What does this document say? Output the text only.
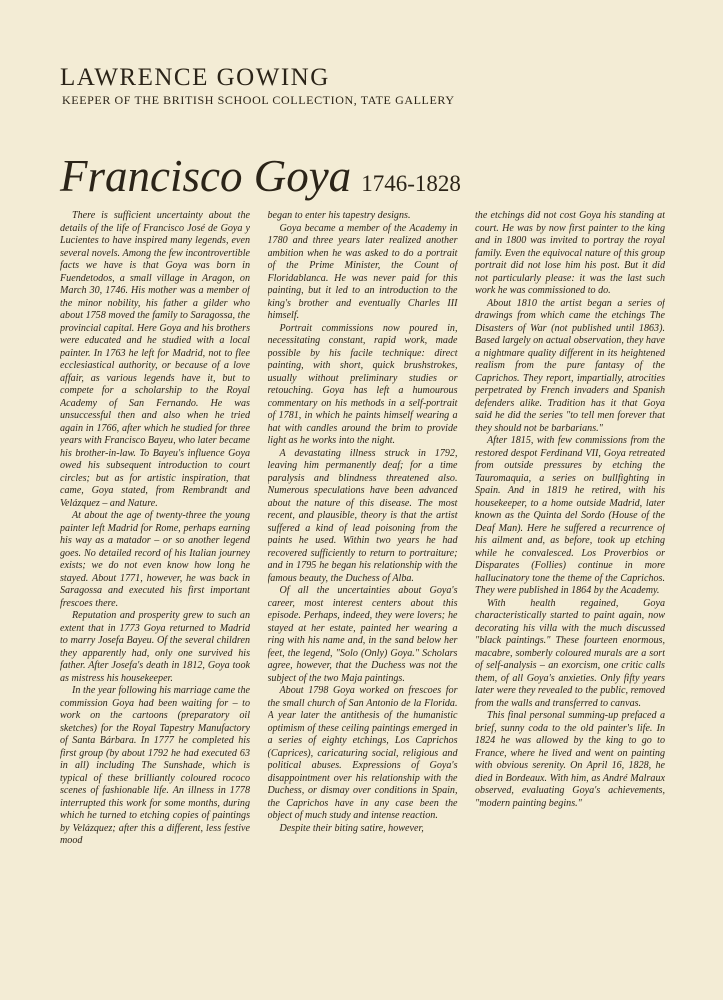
LAWRENCE GOWING
KEEPER OF THE BRITISH SCHOOL COLLECTION, TATE GALLERY
Francisco Goya 1746-1828

There is sufficient uncertainty about the details of the life of Francisco José de Goya y Lucientes to have inspired many legends, even several novels. Among the few incontrovertible facts we have is that Goya was born in Fuendetodos, a small village in Aragon, on March 30, 1746. His mother was a member of the minor nobility, his father a gilder who about 1758 moved the family to Saragossa, the provincial capital. Here Goya and his brothers were educated and he studied with a local painter. In 1763 he left for Madrid, not to flee ecclesiastical authority, or because of a love affair, as various legends have it, but to compete for a scholarship to the Royal Academy of San Fernando. He was unsuccessful then and also when he tried again in 1766, after which he studied for three years with Francisco Bayeu, who later became his brother-in-law. To Bayeu's influence Goya owed his subsequent introduction to court circles; but as for artistic inspiration, that came, Goya stated, from Rembrandt and Velázquez – and Nature.

At about the age of twenty-three the young painter left Madrid for Rome, perhaps earning his way as a matador – or so another legend goes. No detailed record of his Italian journey exists; we do not even know how long he stayed. About 1771, however, he was back in Saragossa and executed his first important frescoes there.

Reputation and prosperity grew to such an extent that in 1773 Goya returned to Madrid to marry Josefa Bayeu. Of the several children they apparently had, only one survived his father. After Josefa's death in 1812, Goya took as mistress his housekeeper.

In the year following his marriage came the commission Goya had been waiting for – to work on the cartoons (preparatory oil sketches) for the Royal Tapestry Manufactory of Santa Bárbara. In 1777 he completed his first group (by about 1792 he had executed 63 in all) including The Sunshade, which is typical of these brilliantly coloured rococo scenes of fashionable life. An illness in 1778 interrupted this work for some months, during which he turned to etching copies of paintings by Velázquez; after this a different, less festive mood

began to enter his tapestry designs.

Goya became a member of the Academy in 1780 and three years later realized another ambition when he was asked to do a portrait of the Prime Minister, the Count of Floridablanca. He was never paid for this painting, but it led to an introduction to the king's brother and eventually Charles III himself.

Portrait commissions now poured in, necessitating constant, rapid work, made possible by his facile technique: direct painting, with short, quick brushstrokes, usually without preliminary studies or retouching. Goya has left a humourous commentary on his methods in a self-portrait of 1781, in which he paints himself wearing a hat with candles around the brim to provide light as he works into the night.

A devastating illness struck in 1792, leaving him permanently deaf; for a time paralysis and blindness threatened also. Numerous speculations have been advanced about the nature of this disease. The most recent, and plausible, theory is that the artist suffered a kind of lead poisoning from the paints he used. Within two years he had recovered sufficiently to return to portraiture; and in 1795 he began his relationship with the famous beauty, the Duchess of Alba.

Of all the uncertainties about Goya's career, most interest centers about this episode. Perhaps, indeed, they were lovers; he stayed at her estate, painted her wearing a ring with his name and, in the sand below her feet, the legend, "Solo (Only) Goya." Scholars agree, however, that the Duchess was not the subject of the two Maja paintings.

About 1798 Goya worked on frescoes for the small church of San Antonio de la Florida. A year later the antithesis of the humanistic optimism of these ceiling paintings emerged in a series of eighty etchings, Los Caprichos (Caprices), caricaturing social, religious and political abuses. Expressions of Goya's disappointment over his relationship with the Duchess, or dismay over conditions in Spain, the Caprichos have in any case been the object of much study and intense reaction.

Despite their biting satire, however,

the etchings did not cost Goya his standing at court. He was by now first painter to the king and in 1800 was invited to portray the royal family. Even the equivocal nature of this group portrait did not lose him his post. But it did not particularly please: it was the last such work he was commissioned to do.

About 1810 the artist began a series of drawings from which came the etchings The Disasters of War (not published until 1863). Based largely on actual observation, they have a nightmare quality different in its heightened realism from the pure fantasy of the Caprichos. They report, impartially, atrocities perpetrated by French invaders and Spanish defenders alike. Tradition has it that Goya said he did the series "to tell men forever that they should not be barbarians."

After 1815, with few commissions from the restored despot Ferdinand VII, Goya retreated from outside pressures by etching the Tauromaquia, a series on bullfighting in Spain. And in 1819 he retired, with his housekeeper, to a home outside Madrid, later known as the Quinta del Sordo (House of the Deaf Man). Here he suffered a recurrence of his ailment and, as before, took up etching while he convalesced. Los Proverbios or Disparates (Follies) continue in more hallucinatory tone the theme of the Caprichos. They were published in 1864 by the Academy.

With health regained, Goya characteristically started to paint again, now decorating his villa with the much discussed "black paintings." These fourteen enormous, macabre, somberly coloured murals are a sort of self-analysis – an exorcism, one critic calls them, of all Goya's anxieties. Only fifty years later were they revealed to the public, removed from the walls and transferred to canvas.

This final personal summing-up prefaced a brief, sunny coda to the old painter's life. In 1824 he was allowed by the king to go to France, where he lived and went on painting with obvious serenity. On April 16, 1828, he died in Bordeaux. With him, as André Malraux observed, evaluating Goya's achievements, "modern painting begins."
